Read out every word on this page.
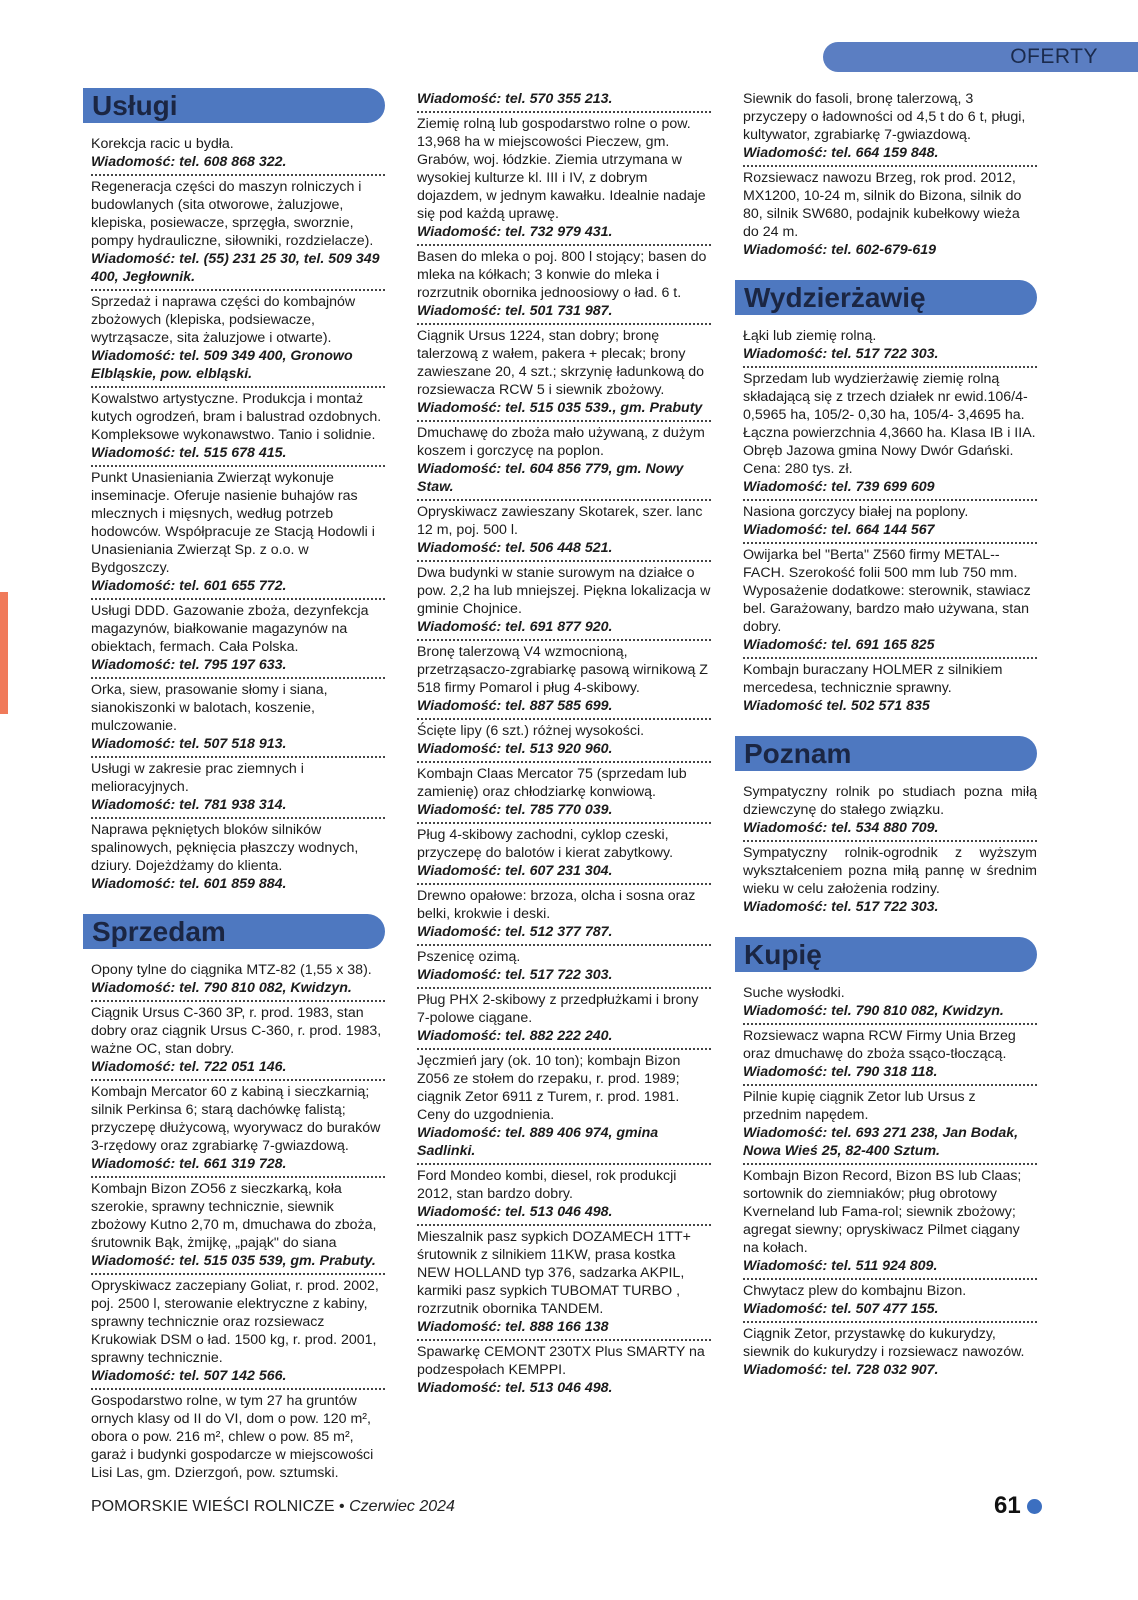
OFERTY
Usługi

Korekcja racic u bydła.

Wiadomość: tel. 608 868 322.

Regeneracja części do maszyn rolniczych i budowlanych (sita otworowe, żaluzjowe, klepiska, posiewacze, sprzęgła, sworznie, pompy hydrauliczne, siłowniki, rozdzielacze).

Wiadomość: tel. (55) 231 25 30, tel. 509 349 400, Jegłownik.

Sprzedaż i naprawa części do kombajnów zbożowych (klepiska, podsiewacze, wytrząsacze, sita żaluzjowe i otwarte).

Wiadomość: tel. 509 349 400, Gronowo Elbląskie, pow. elbląski.

Kowalstwo artystyczne. Produkcja i montaż kutych ogrodzeń, bram i balustrad ozdobnych. Kompleksowe wykonawstwo. Tanio i solidnie.

Wiadomość: tel. 515 678 415.

Punkt Unasieniania Zwierząt wykonuje inseminacje. Oferuje nasienie buhajów ras mlecznych i mięsnych, według potrzeb hodowców. Współpracuje ze Stacją Hodowli i Unasieniania Zwierząt Sp. z o.o. w Bydgoszczy.

Wiadomość: tel. 601 655 772.

Usługi DDD. Gazowanie zboża, dezynfekcja magazynów, białkowanie magazynów na obiektach, fermach. Cała Polska.

Wiadomość: tel. 795 197 633.

Orka, siew, prasowanie słomy i siana, sianokiszonki w balotach, koszenie, mulczowanie.

Wiadomość: tel. 507 518 913.

Usługi w zakresie prac ziemnych i melioracyjnych.

Wiadomość: tel. 781 938 314.

Naprawa pękniętych bloków silników spalinowych, pęknięcia płaszczy wodnych, dziury. Dojeżdżamy do klienta.

Wiadomość: tel. 601 859 884.

Sprzedam

Opony tylne do ciągnika MTZ-82 (1,55 x 38).

Wiadomość: tel. 790 810 082, Kwidzyn.

Ciągnik Ursus C-360 3P, r. prod. 1983, stan dobry oraz ciągnik Ursus C-360, r. prod. 1983, ważne OC, stan dobry.

Wiadomość: tel. 722 051 146.

Kombajn Mercator 60 z kabiną i sieczkarnią; silnik Perkinsa 6; starą dachówkę falistą; przyczepę dłużycową, wyorywacz do buraków 3-rzędowy oraz zgrabiarkę 7-gwiazdową.

Wiadomość: tel. 661 319 728.

Kombajn Bizon ZO56 z sieczkarką, koła szerokie, sprawny technicznie, siewnik zbożowy Kutno 2,70 m, dmuchawa do zboża, śrutownik Bąk, żmijkę, „pająk" do siana

Wiadomość: tel. 515 035 539, gm. Prabuty.

Opryskiwacz zaczepiany Goliat, r. prod. 2002, poj. 2500 l, sterowanie elektryczne z kabiny, sprawny technicznie oraz rozsiewacz Krukowiak DSM o ład. 1500 kg, r. prod. 2001, sprawny technicznie.

Wiadomość: tel. 507 142 566.

Gospodarstwo rolne, w tym 27 ha gruntów ornych klasy od II do VI, dom o pow. 120 m², obora o pow. 216 m², chlew o pow. 85 m², garaż i budynki gospodarcze w miejscowości Lisi Las, gm. Dzierzgoń, pow. sztumski.

Wiadomość: tel. 570 355 213.

Ziemię rolną lub gospodarstwo rolne o pow. 13,968 ha w miejscowości Pieczew, gm. Grabów, woj. łódzkie. Ziemia utrzymana w wysokiej kulturze kl. III i IV, z dobrym dojazdem, w jednym kawałku. Idealnie nadaje się pod każdą uprawę.

Wiadomość: tel. 732 979 431.

Basen do mleka o poj. 800 l stojący; basen do mleka na kółkach; 3 konwie do mleka i rozrzutnik obornika jednoosiowy o ład. 6 t.

Wiadomość: tel. 501 731 987.

Ciągnik Ursus 1224, stan dobry; bronę talerzową z wałem, pakera + plecak; brony zawieszane 20, 4 szt.; skrzynię ładunkową do rozsiewacza RCW 5 i siewnik zbożowy.

Wiadomość: tel. 515 035 539., gm. Prabuty

Dmuchawę do zboża mało używaną, z dużym koszem i gorczycę na poplon.

Wiadomość: tel. 604 856 779, gm. Nowy Staw.

Opryskiwacz zawieszany Skotarek, szer. lanc 12 m, poj. 500 l.

Wiadomość: tel. 506 448 521.

Dwa budynki w stanie surowym na działce o pow. 2,2 ha lub mniejszej. Piękna lokalizacja w gminie Chojnice.

Wiadomość: tel. 691 877 920.

Bronę talerzową V4 wzmocnioną, przetrząsaczo-zgrabiarkę pasową wirnikową Z 518 firmy Pomarol i pług 4-skibowy.

Wiadomość: tel. 887 585 699.

Ścięte lipy (6 szt.) różnej wysokości.

Wiadomość: tel. 513 920 960.

Kombajn Claas Mercator 75 (sprzedam lub zamienię) oraz chłodziarkę konwiową.

Wiadomość: tel. 785 770 039.

Pług 4-skibowy zachodni, cyklop czeski, przyczepę do balotów i kierat zabytkowy.

Wiadomość: tel. 607 231 304.

Drewno opałowe: brzoza, olcha i sosna oraz belki, krokwie i deski.

Wiadomość: tel. 512 377 787.

Pszenicę ozimą.

Wiadomość: tel. 517 722 303.

Pług PHX 2-skibowy z przedpłużkami i brony 7-polowe ciągane.

Wiadomość: tel. 882 222 240.

Jęczmień jary (ok. 10 ton); kombajn Bizon Z056 ze stołem do rzepaku, r. prod. 1989; ciągnik Zetor 6911 z Turem, r. prod. 1981. Ceny do uzgodnienia.

Wiadomość: tel. 889 406 974, gmina Sadlinki.

Ford Mondeo kombi, diesel, rok produkcji 2012, stan bardzo dobry.

Wiadomość: tel. 513 046 498.

Mieszalnik pasz sypkich DOZAMECH 1TT+ śrutownik z silnikiem 11KW, prasa kostka NEW HOLLAND typ 376, sadzarka AKPIL, karmiki pasz sypkich TUBOMAT TURBO , rozrzutnik obornika TANDEM.

Wiadomość: tel. 888 166 138

Spawarkę CEMONT 230TX Plus SMARTY na podzespołach KEMPPI.

Wiadomość: tel. 513 046 498.

Siewnik do fasoli, bronę talerzową, 3 przyczepy o ładowności od 4,5 t do 6 t, pługi, kultywator, zgrabiarkę 7-gwiazdową.

Wiadomość: tel. 664 159 848.

Rozsiewacz nawozu Brzeg, rok prod. 2012, MX1200, 10-24 m, silnik do Bizona, silnik do 80, silnik SW680, podajnik kubełkowy wieża do 24 m.

Wiadomość: tel. 602-679-619

Wydzierżawię

Łąki lub ziemię rolną.

Wiadomość: tel. 517 722 303.

Sprzedam lub wydzierżawię ziemię rolną składającą się z trzech działek nr ewid.106/4-0,5965 ha, 105/2- 0,30 ha, 105/4- 3,4695 ha. Łączna powierzchnia 4,3660 ha. Klasa IB i IIA. Obręb Jazowa gmina Nowy Dwór Gdański. Cena: 280 tys. zł.

Wiadomość: tel. 739 699 609

Nasiona gorczycy białej na poplony.

Wiadomość: tel. 664 144 567

Owijarka bel "Berta" Z560 firmy METAL--FACH. Szerokość folii 500 mm lub 750 mm. Wyposażenie dodatkowe: sterownik, stawiacz bel. Garażowany, bardzo mało używana, stan dobry.

Wiadomość: tel. 691 165 825

Kombajn buraczany HOLMER z silnikiem mercedesa, technicznie sprawny.

Wiadomość tel. 502 571 835

Poznam

Sympatyczny rolnik po studiach pozna miłą dziewczynę do stałego związku.

Wiadomość: tel. 534 880 709.

Sympatyczny rolnik-ogrodnik z wyższym wykształceniem pozna miłą pannę w średnim wieku w celu założenia rodziny.

Wiadomość: tel. 517 722 303.

Kupię

Suche wysłodki.

Wiadomość: tel. 790 810 082, Kwidzyn.

Rozsiewacz wapna RCW Firmy Unia Brzeg oraz dmuchawę do zboża ssąco-tłoczącą.

Wiadomość: tel. 790 318 118.

Pilnie kupię ciągnik Zetor lub Ursus z przednim napędem.

Wiadomość: tel. 693 271 238, Jan Bodak, Nowa Wieś 25, 82-400 Sztum.

Kombajn Bizon Record, Bizon BS lub Claas; sortownik do ziemniaków; pług obrotowy Kverneland lub Fama-rol; siewnik zbożowy; agregat siewny; opryskiwacz Pilmet ciągany na kołach.

Wiadomość: tel. 511 924 809.

Chwytacz plew do kombajnu Bizon.

Wiadomość: tel. 507 477 155.

Ciągnik Zetor, przystawkę do kukurydzy, siewnik do kukurydzy i rozsiewacz nawozów.

Wiadomość: tel. 728 032 907.

POMORSKIE WIEŚCI ROLNICZE • Czerwiec 2024	61
